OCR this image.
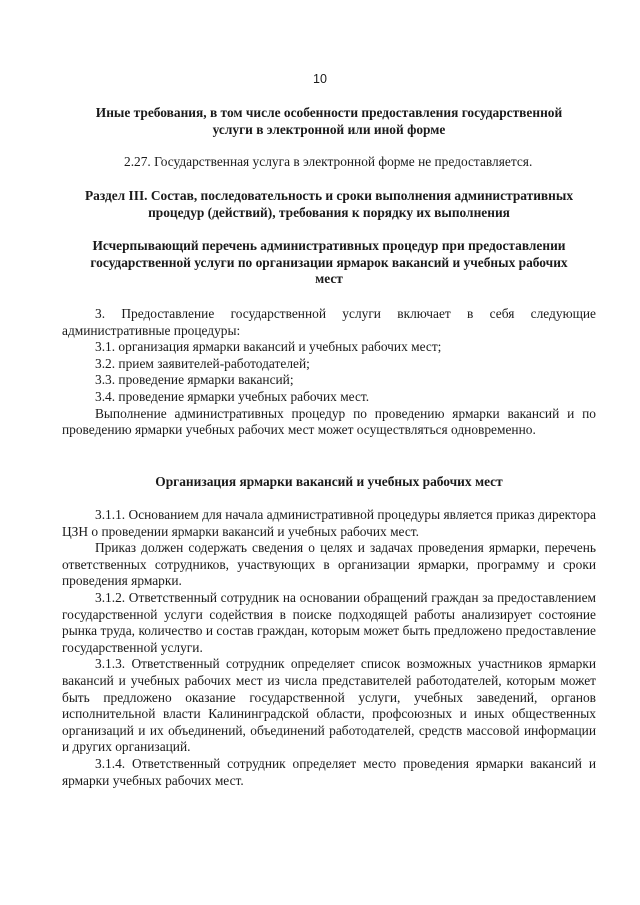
10
Иные требования, в том числе особенности предоставления государственной
услуги в электронной или иной форме

2.27. Государственная услуга в электронной форме не предоставляется.

Раздел III. Состав, последовательность и сроки выполнения административных
процедур (действий), требования к порядку их выполнения
Исчерпывающий перечень административных процедур при предоставлении
государственной услуги по организации ярмарок вакансий и учебных рабочих
мест

3. Предоставление государственной услуги включает в себя следующие административные процедуры:

3.1. организация ярмарки вакансий и учебных рабочих мест;

3.2. прием заявителей-работодателей;

3.3. проведение ярмарки вакансий;

3.4. проведение ярмарки учебных рабочих мест.

Выполнение административных процедур по проведению ярмарки вакансий и по проведению ярмарки учебных рабочих мест может осуществляться одновременно.

Организация ярмарки вакансий и учебных рабочих мест

3.1.1. Основанием для начала административной процедуры является приказ директора ЦЗН о проведении ярмарки вакансий и учебных рабочих мест.

Приказ должен содержать сведения о целях и задачах проведения ярмарки, перечень ответственных сотрудников, участвующих в организации ярмарки, программу и сроки проведения ярмарки.

3.1.2. Ответственный сотрудник на основании обращений граждан за предоставлением государственной услуги содействия в поиске подходящей работы анализирует состояние рынка труда, количество и состав граждан, которым может быть предложено предоставление государственной услуги.

3.1.3. Ответственный сотрудник определяет список возможных участников ярмарки вакансий и учебных рабочих мест из числа представителей работодателей, которым может быть предложено оказание государственной услуги, учебных заведений, органов исполнительной власти Калининградской области, профсоюзных и иных общественных организаций и их объединений, объединений работодателей, средств массовой информации и других организаций.

3.1.4. Ответственный сотрудник определяет место проведения ярмарки вакансий и ярмарки учебных рабочих мест.
